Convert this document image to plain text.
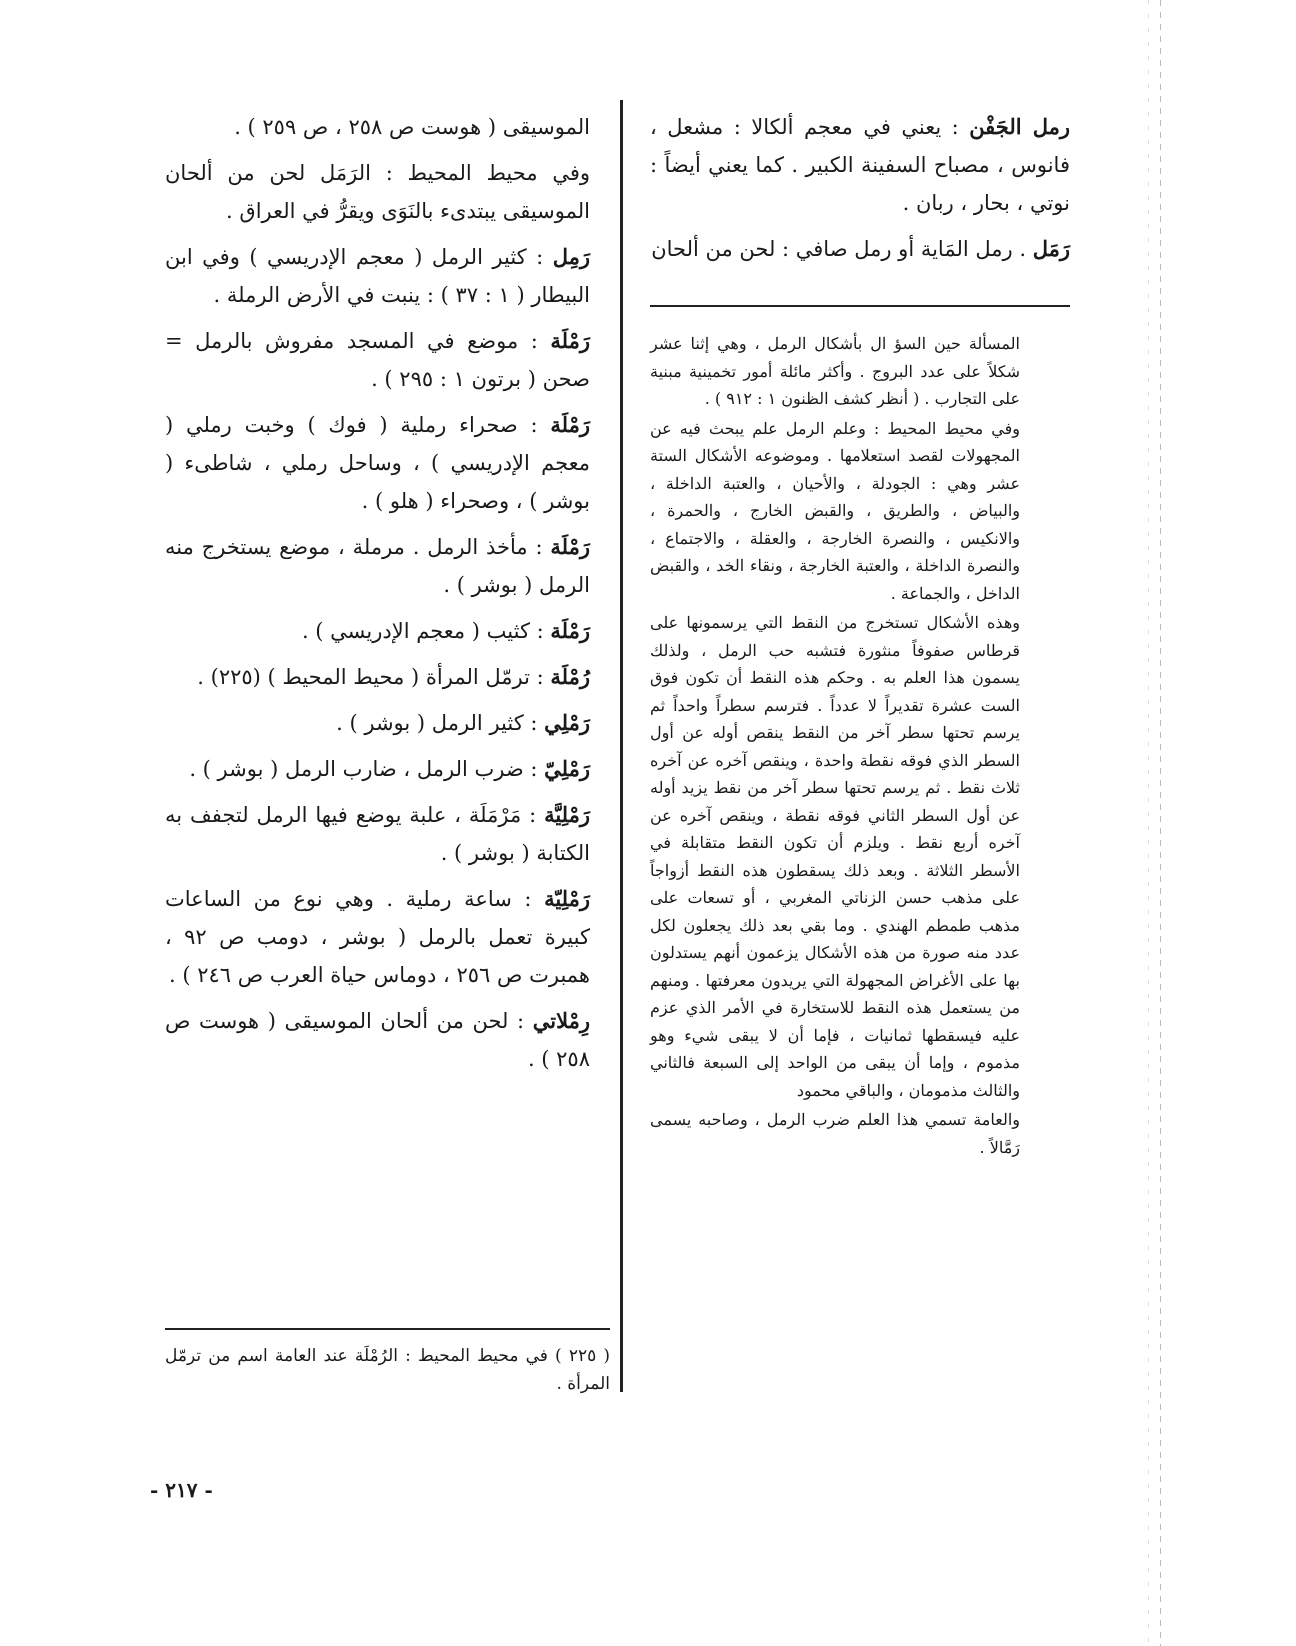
رمل الجَفْن : يعني في معجم ألكالا : مشعل ، فانوس ، مصباح السفينة الكبير . كما يعني أيضاً : نوتي ، بحار ، ربان .

رَمَل . رمل المَاية أو رمل صافي : لحن من ألحان

المسألة حين السؤ ال بأشكال الرمل ، وهي إثنا عشر شكلاً على عدد البروج . وأكثر مائلة أمور تخمينية مبنية على التجارب . ( أنظر كشف الظنون ١ : ٩١٢ ) .

وفي محيط المحيط : وعلم الرمل علم يبحث فيه عن المجهولات لقصد استعلامها . وموضوعه الأشكال الستة عشر وهي : الجودلة ، والأحيان ، والعتبة الداخلة ، والبياض ، والطريق ، والقبض الخارج ، والحمرة ، والانكيس ، والنصرة الخارجة ، والعقلة ، والاجتماع ، والنصرة الداخلة ، والعتبة الخارجة ، ونقاء الخد ، والقبض الداخل ، والجماعة .

وهذه الأشكال تستخرج من النقط التي يرسمونها على قرطاس صفوفاً منثورة فتشبه حب الرمل ، ولذلك يسمون هذا العلم به . وحكم هذه النقط أن تكون فوق الست عشرة تقديراً لا عدداً . فترسم سطراً واحداً ثم يرسم تحتها سطر آخر من النقط ينقص أوله عن أول السطر الذي فوقه نقطة واحدة ، وينقص آخره عن آخره ثلاث نقط . ثم يرسم تحتها سطر آخر من نقط يزيد أوله عن أول السطر الثاني فوقه نقطة ، وينقص آخره عن آخره أربع نقط . ويلزم أن تكون النقط متقابلة في الأسطر الثلاثة . وبعد ذلك يسقطون هذه النقط أزواجاً على مذهب حسن الزناتي المغربي ، أو تسعات على مذهب طمطم الهندي . وما بقي بعد ذلك يجعلون لكل عدد منه صورة من هذه الأشكال يزعمون أنهم يستدلون بها على الأغراض المجهولة التي يريدون معرفتها . ومنهم من يستعمل هذه النقط للاستخارة في الأمر الذي عزم عليه فيسقطها ثمانيات ، فإما أن لا يبقى شيء وهو مذموم ، وإما أن يبقى من الواحد إلى السبعة فالثاني والثالث مذمومان ، والباقي محمود

والعامة تسمي هذا العلم ضرب الرمل ، وصاحبه يسمى رَمَّالاً .

الموسيقى ( هوست ص ٢٥٨ ، ص ٢٥٩ ) .

وفي محيط المحيط : الرَمَل لحن من ألحان الموسيقى يبتدىء بالنَوَى ويقرُّ في العراق .

رَمِل : كثير الرمل ( معجم الإدريسي ) وفي ابن البيطار ( ١ : ٣٧ ) : ينبت في الأرض الرملة .

رَمْلَة : موضع في المسجد مفروش بالرمل = صحن ( برتون ١ : ٢٩٥ ) .

رَمْلَة : صحراء رملية ( فوك ) وخبت رملي ( معجم الإدريسي ) ، وساحل رملي ، شاطىء ( بوشر ) ، وصحراء ( هلو ) .

رَمْلَة : مأخذ الرمل . مرملة ، موضع يستخرج منه الرمل ( بوشر ) .

رَمْلَة : كثيب ( معجم الإدريسي ) .

رُمْلَة : ترمّل المرأة ( محيط المحيط ) (٢٢٥) .

رَمْلِي : كثير الرمل ( بوشر ) .

رَمْلِيّ : ضرب الرمل ، ضارب الرمل ( بوشر ) .

رَمْلِيَّة : مَرْمَلَة ، علبة يوضع فيها الرمل لتجفف به الكتابة ( بوشر ) .

رَمْلِيّة : ساعة رملية . وهي نوع من الساعات كبيرة تعمل بالرمل ( بوشر ، دومب ص ٩٢ ، همبرت ص ٢٥٦ ، دوماس حياة العرب ص ٢٤٦ ) .

رِمْلاتي : لحن من ألحان الموسيقى ( هوست ص ٢٥٨ ) .

( ٢٢٥ ) في محيط المحيط : الرُمْلَة عند العامة اسم من ترمّل المرأة .
- ٢١٧ -
